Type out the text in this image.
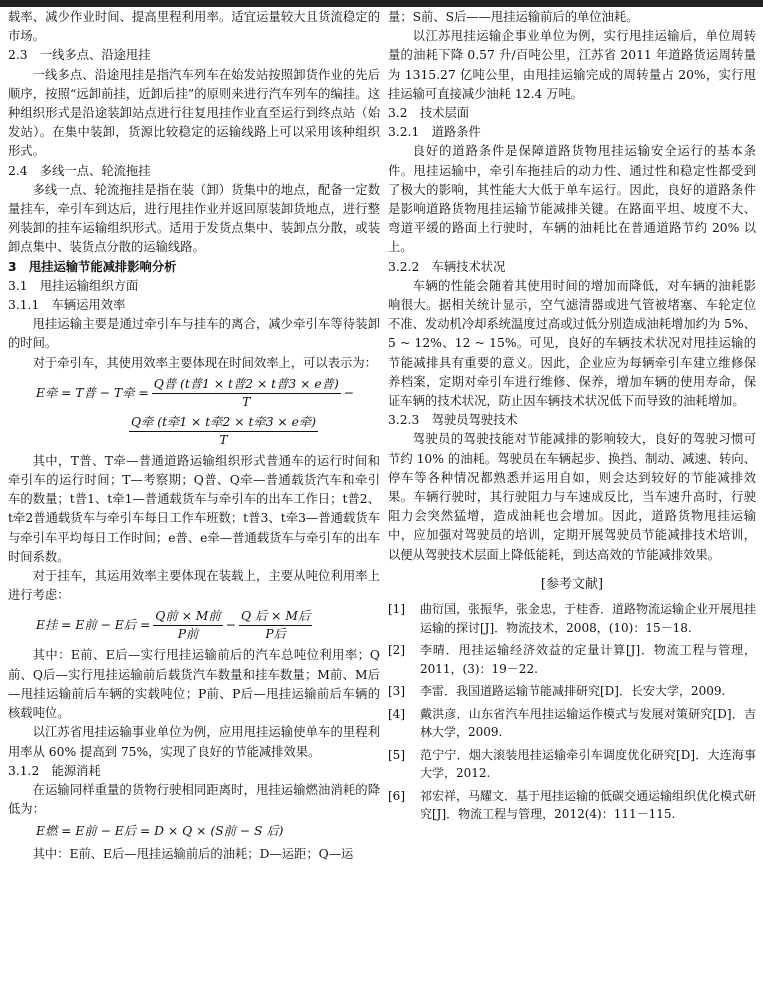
载率、减少作业时间、提高里程利用率。适宜运量较大且货流稳定的市场。

2.3　一线多点、沿途甩挂

一线多点、沿途甩挂是指汽车列车在始发站按照卸货作业的先后顺序，按照“远卸前挂，近卸后挂”的原则来进行汽车列车的编挂。这种组织形式是沿途装卸站点进行往复甩挂作业直至运行到终点站（始发站）。在集中装卸，货源比较稳定的运输线路上可以采用该种组织形式。

2.4　多线一点、轮流拖挂

多线一点、轮流拖挂是指在装（卸）货集中的地点，配备一定数量挂车，牵引车到达后，进行甩挂作业并返回原装卸货地点，进行整列装卸的挂车运输组织形式。适用于发货点集中、装卸点分散，或装卸点集中、装货点分散的运输线路。

3　甩挂运输节能减排影响分析

3.1　甩挂运输组织方面

3.1.1　车辆运用效率

甩挂运输主要是通过牵引车与挂车的离合，减少牵引车等待装卸的时间。

对于牵引车，其使用效率主要体现在时间效率上，可以表示为：

E牵 = T普 − T牵 = $\frac{\text{Q普 (t普1 × t普2 × t普3 × e普)}}{T}$ −
$\frac{\text{Q牵 (t牵1 × t牵2 × t牵3 × e牵)}}{T}$

其中，T普、T牵—普通道路运输组织形式普通车的运行时间和牵引车的运行时间；T—考察期；Q普、Q牵—普通载货汽车和牵引车的数量；t普1、t牵1—普通载货车与牵引车的出车工作日；t普2、t牵2普通载货车与牵引车每日工作车班数；t普3、t牵3—普通载货车与牵引车平均每日工作时间；e普、e牵—普通载货车与牵引车的出车时间系数。

对于挂车，其运用效率主要体现在装载上，主要从吨位利用率上进行考虑：

E挂 = E前 − E后 = $\frac{\text{Q前 × M前}}{\text{P前}} - \frac{\text{Q 后 × M后}}{\text{P后}}$

其中：E前、E后—实行甩挂运输前后的汽车总吨位利用率；Q前、Q后—实行甩挂运输前后载货汽车数量和挂车数量；M前、M后—甩挂运输前后车辆的实载吨位；P前、P后—甩挂运输前后车辆的核载吨位。

以江苏省甩挂运输事业单位为例，应用甩挂运输使单车的里程利用率从 60% 提高到 75%，实现了良好的节能减排效果。

3.1.2　能源消耗

在运输同样重量的货物行驶相同距离时，甩挂运输燃油消耗的降低为：

E燃 = E前 − E后 = D × Q × (S前 − S 后)

其中：E前、E后—甩挂运输前后的油耗；D—运距；Q—运

量；S前、S后——甩挂运输前后的单位油耗。

以江苏甩挂运输企事业单位为例，实行甩挂运输后，单位周转量的油耗下降 0.57 升/百吨公里，江苏省 2011 年道路货运周转量为 1315.27 亿吨公里，由甩挂运输完成的周转量占 20%，实行甩挂运输可直接减少油耗 12.4 万吨。

3.2　技术层面

3.2.1　道路条件

良好的道路条件是保障道路货物甩挂运输安全运行的基本条件。甩挂运输中，牵引车拖挂后的动力性、通过性和稳定性都受到了极大的影响，其性能大大低于单车运行。因此，良好的道路条件是影响道路货物甩挂运输节能减排关键。在路面平坦、坡度不大、弯道平缓的路面上行驶时，车辆的油耗比在普通道路节约 20% 以上。

3.2.2　车辆技术状况

车辆的性能会随着其使用时间的增加而降低，对车辆的油耗影响很大。据相关统计显示，空气滤清器或进气管被堵塞、车轮定位不准、发动机冷却系统温度过高或过低分别造成油耗增加约为 5%、5 ~ 12%、12 ~ 15%。可见，良好的车辆技术状况对甩挂运输的节能减排具有重要的意义。因此，企业应为每辆牵引车建立维修保养档案，定期对牵引车进行维修、保养，增加车辆的使用寿命，保证车辆的技术状况，防止因车辆技术状况低下而导致的油耗增加。

3.2.3　驾驶员驾驶技术

驾驶员的驾驶技能对节能减排的影响较大，良好的驾驶习惯可节约 10% 的油耗。驾驶员在车辆起步、换挡、制动、减速、转向、停车等各种情况都熟悉并运用自如，则会达到较好的节能减排效果。车辆行驶时，其行驶阻力与车速成反比，当车速升高时，行驶阻力会突然猛增，造成油耗也会增加。因此，道路货物甩挂运输中，应加强对驾驶员的培训，定期开展驾驶员节能减排技术培训，以便从驾驶技术层面上降低能耗，到达高效的节能减排效果。

[参考文献]
[1]	曲衍国，张振华，张金忠，于桂香．道路物流运输企业开展甩挂运输的探讨[J]．物流技术，2008，(10)：15－18.
[2]	李晴．甩挂运输经济效益的定量计算[J]．物流工程与管理，2011，(3)：19－22.
[3]	李雷．我国道路运输节能减排研究[D]．长安大学，2009.
[4]	戴洪彦．山东省汽车甩挂运输运作模式与发展对策研究[D]．吉林大学，2009.
[5]	范宁宁．烟大滚装甩挂运输牵引车调度优化研究[D]．大连海事大学，2012.
[6]	祁宏祥，马耀文．基于甩挂运输的低碳交通运输组织优化模式研究[J]．物流工程与管理，2012(4)：111－115.
